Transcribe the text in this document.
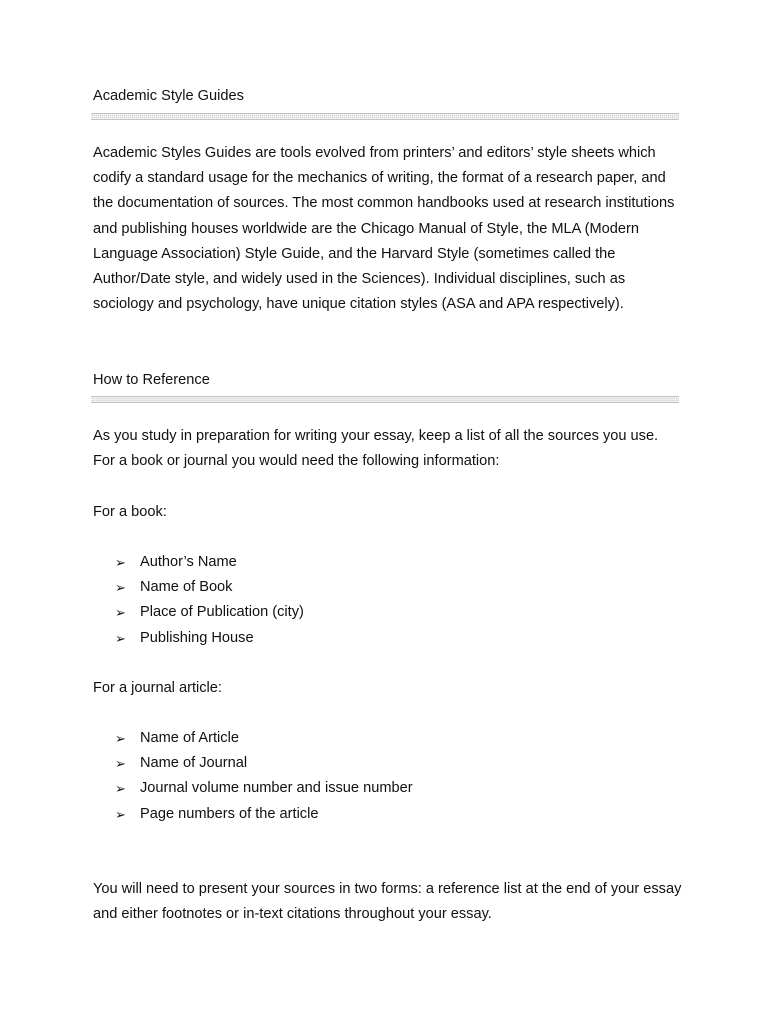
Academic Style Guides

Academic Styles Guides are tools evolved from printers’ and editors’ style sheets which codify a standard usage for the mechanics of writing, the format of a research paper, and the documentation of sources. The most common handbooks used at research institutions and publishing houses worldwide are the Chicago Manual of Style, the MLA (Modern Language Association) Style Guide, and the Harvard Style (sometimes called the Author/Date style, and widely used in the Sciences). Individual disciplines, such as sociology and psychology, have unique citation styles (ASA and APA respectively).

How to Reference

As you study in preparation for writing your essay, keep a list of all the sources you use. For a book or journal you would need the following information:

For a book:

➢ Author’s Name
➢ Name of Book
➢ Place of Publication (city)
➢ Publishing House

For a journal article:

➢ Name of Article
➢ Name of Journal
➢ Journal volume number and issue number
➢ Page numbers of the article

You will need to present your sources in two forms: a reference list at the end of your essay and either footnotes or in-text citations throughout your essay.
